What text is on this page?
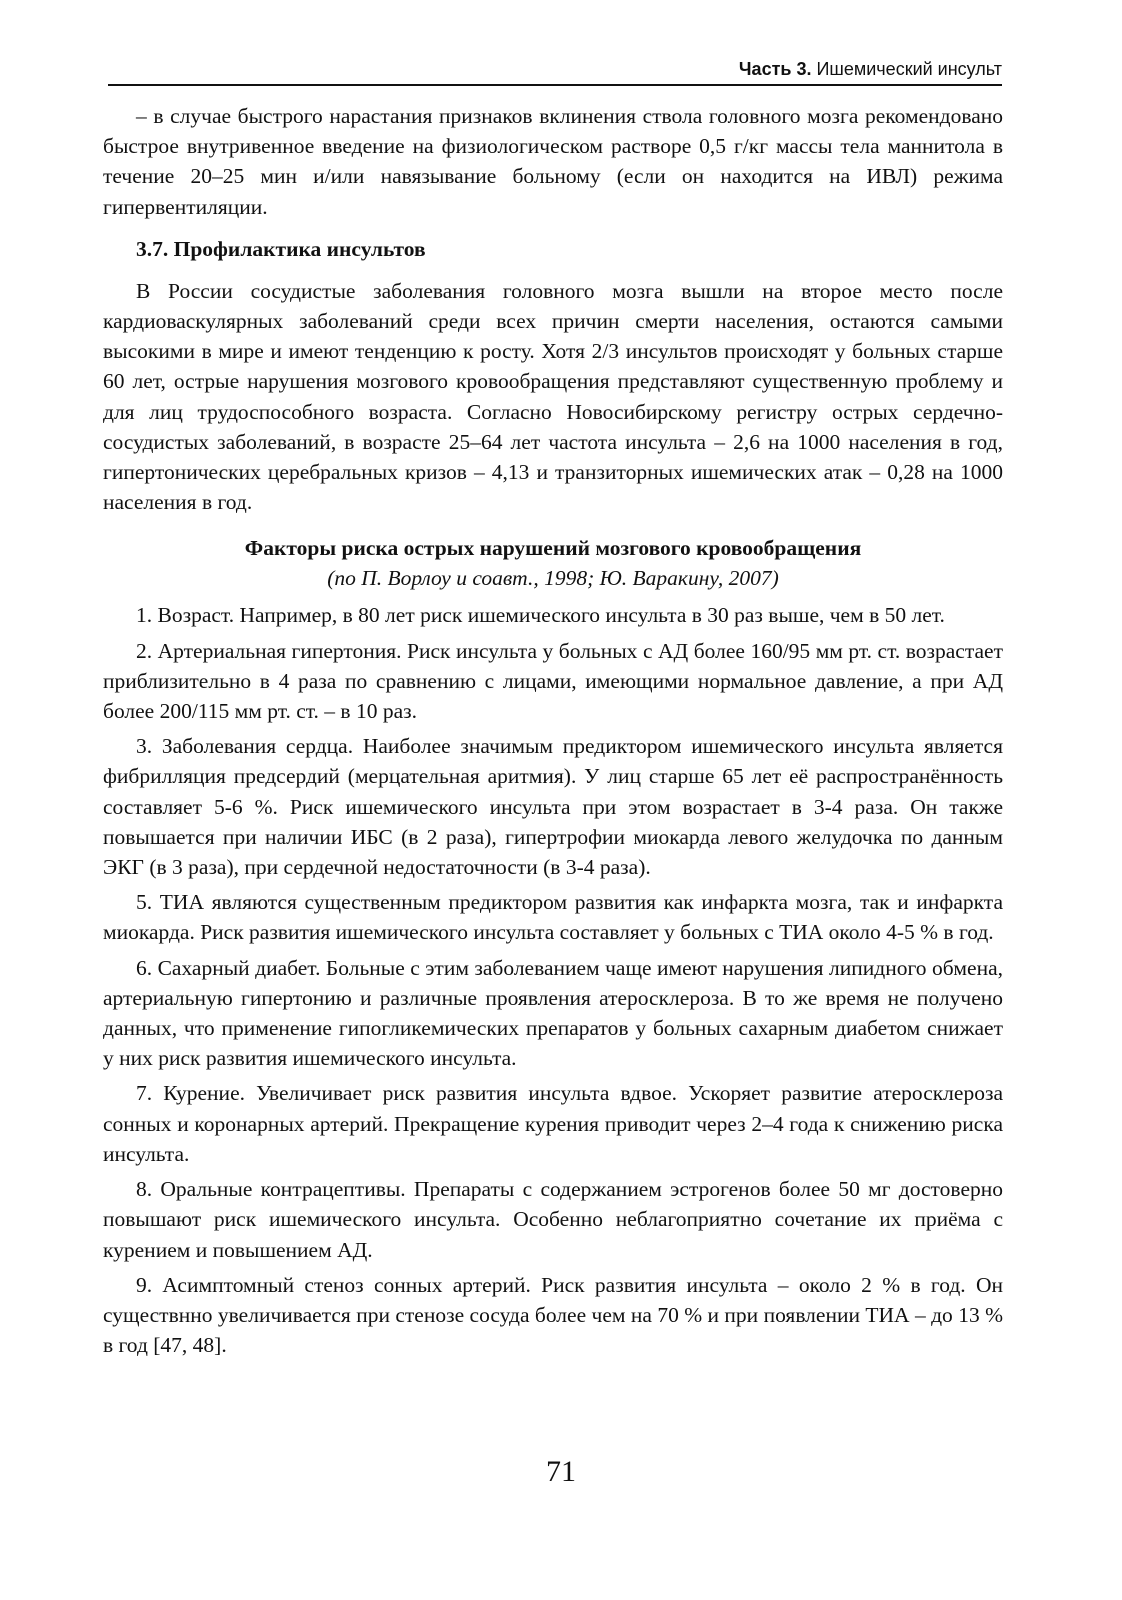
Часть 3. Ишемический инсульт

– в случае быстрого нарастания признаков вклинения ствола головного мозга рекомендовано быстрое внутривенное введение на физиологическом растворе 0,5 г/кг массы тела маннитола в течение 20–25 мин и/или навязывание больному (если он находится на ИВЛ) режима гипервентиляции.

3.7. Профилактика инсультов

В России сосудистые заболевания головного мозга вышли на второе место после кардиоваскулярных заболеваний среди всех причин смерти населения, остаются самыми высокими в мире и имеют тенденцию к росту. Хотя 2/3 инсультов происходят у больных старше 60 лет, острые нарушения мозгового кровообращения представляют существенную проблему и для лиц трудоспособного возраста. Согласно Новосибирскому регистру острых сердечно-сосудистых заболеваний, в возрасте 25–64 лет частота инсульта – 2,6 на 1000 населения в год, гипертонических церебральных кризов – 4,13 и транзиторных ишемических атак – 0,28 на 1000 населения в год.

Факторы риска острых нарушений мозгового кровообращения
(по П. Ворлоу и соавт., 1998; Ю. Варакину, 2007)

1. Возраст. Например, в 80 лет риск ишемического инсульта в 30 раз выше, чем в 50 лет.

2. Артериальная гипертония. Риск инсульта у больных с АД более 160/95 мм рт. ст. возрастает приблизительно в 4 раза по сравнению с лицами, имеющими нормальное давление, а при АД более 200/115 мм рт. ст. – в 10 раз.

3. Заболевания сердца. Наиболее значимым предиктором ишемического инсульта является фибрилляция предсердий (мерцательная аритмия). У лиц старше 65 лет её распространённость составляет 5-6 %. Риск ишемического инсульта при этом возрастает в 3-4 раза. Он также повышается при наличии ИБС (в 2 раза), гипертрофии миокарда левого желудочка по данным ЭКГ (в 3 раза), при сердечной недостаточности (в 3-4 раза).

5. ТИА являются существенным предиктором развития как инфаркта мозга, так и инфаркта миокарда. Риск развития ишемического инсульта составляет у больных с ТИА около 4-5 % в год.

6. Сахарный диабет. Больные с этим заболеванием чаще имеют нарушения липидного обмена, артериальную гипертонию и различные проявления атеросклероза. В то же время не получено данных, что применение гипогликемических препаратов у больных сахарным диабетом снижает у них риск развития ишемического инсульта.

7. Курение. Увеличивает риск развития инсульта вдвое. Ускоряет развитие атеросклероза сонных и коронарных артерий. Прекращение курения приводит через 2–4 года к снижению риска инсульта.

8. Оральные контрацептивы. Препараты с содержанием эстрогенов более 50 мг достоверно повышают риск ишемического инсульта. Особенно неблагоприятно сочетание их приёма с курением и повышением АД.

9. Асимптомный стеноз сонных артерий. Риск развития инсульта – около 2 % в год. Он существнно увеличивается при стенозе сосуда более чем на 70 % и при появлении ТИА – до 13 % в год [47, 48].

71
